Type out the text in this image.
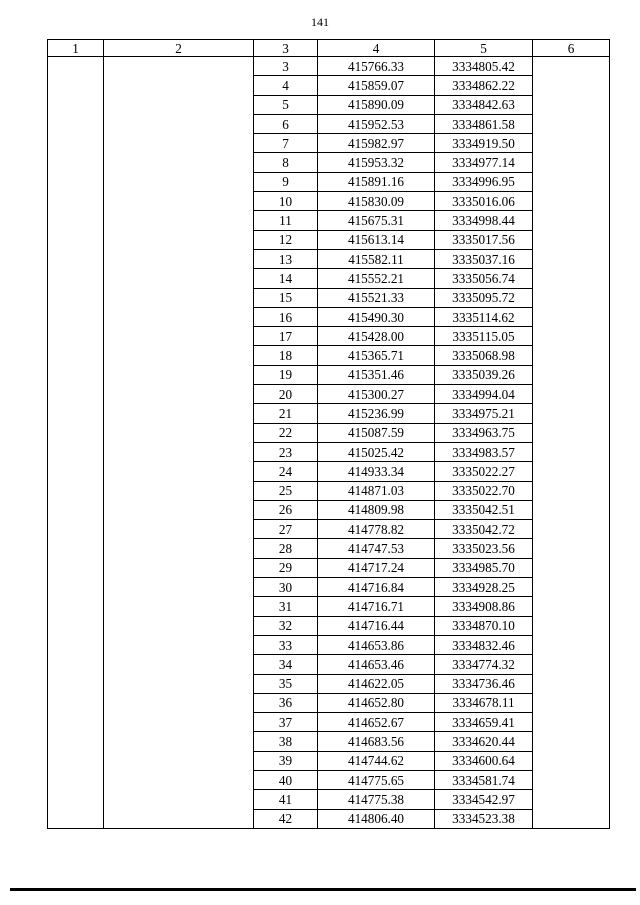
141
1	2	3	4	5	6
		3	415766.33	3334805.42	
		4	415859.07	3334862.22	
		5	415890.09	3334842.63	
		6	415952.53	3334861.58	
		7	415982.97	3334919.50	
		8	415953.32	3334977.14	
		9	415891.16	3334996.95	
		10	415830.09	3335016.06	
		11	415675.31	3334998.44	
		12	415613.14	3335017.56	
		13	415582.11	3335037.16	
		14	415552.21	3335056.74	
		15	415521.33	3335095.72	
		16	415490.30	3335114.62	
		17	415428.00	3335115.05	
		18	415365.71	3335068.98	
		19	415351.46	3335039.26	
		20	415300.27	3334994.04	
		21	415236.99	3334975.21	
		22	415087.59	3334963.75	
		23	415025.42	3334983.57	
		24	414933.34	3335022.27	
		25	414871.03	3335022.70	
		26	414809.98	3335042.51	
		27	414778.82	3335042.72	
		28	414747.53	3335023.56	
		29	414717.24	3334985.70	
		30	414716.84	3334928.25	
		31	414716.71	3334908.86	
		32	414716.44	3334870.10	
		33	414653.86	3334832.46	
		34	414653.46	3334774.32	
		35	414622.05	3334736.46	
		36	414652.80	3334678.11	
		37	414652.67	3334659.41	
		38	414683.56	3334620.44	
		39	414744.62	3334600.64	
		40	414775.65	3334581.74	
		41	414775.38	3334542.97	
		42	414806.40	3334523.38	
